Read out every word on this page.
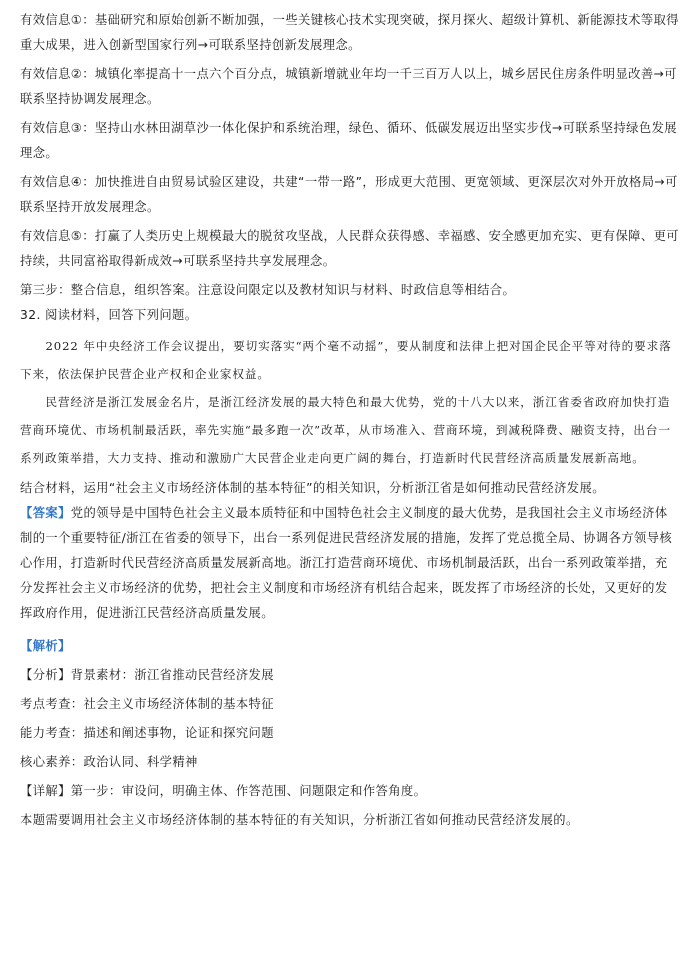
有效信息①：基础研究和原始创新不断加强，一些关键核心技术实现突破，探月探火、超级计算机、新能源技术等取得重大成果，进入创新型国家行列→可联系坚持创新发展理念。

有效信息②：城镇化率提高十一点六个百分点，城镇新增就业年均一千三百万人以上，城乡居民住房条件明显改善→可联系坚持协调发展理念。

有效信息③：坚持山水林田湖草沙一体化保护和系统治理，绿色、循环、低碳发展迈出坚实步伐→可联系坚持绿色发展理念。

有效信息④：加快推进自由贸易试验区建设，共建“一带一路”，形成更大范围、更宽领域、更深层次对外开放格局→可联系坚持开放发展理念。

有效信息⑤：打赢了人类历史上规模最大的脱贫攻坚战，人民群众获得感、幸福感、安全感更加充实、更有保障、更可持续，共同富裕取得新成效→可联系坚持共享发展理念。

第三步：整合信息，组织答案。注意设问限定以及教材知识与材料、时政信息等相结合。

32. 阅读材料，回答下列问题。

2022 年中央经济工作会议提出，要切实落实“两个毫不动摇”，要从制度和法律上把对国企民企平等对待的要求落下来，依法保护民营企业产权和企业家权益。

民营经济是浙江发展金名片，是浙江经济发展的最大特色和最大优势，党的十八大以来，浙江省委省政府加快打造营商环境优、市场机制最活跃，率先实施“最多跑一次”改革，从市场准入、营商环境，到减税降费、融资支持，出台一系列政策举措，大力支持、推动和激励广大民营企业走向更广阔的舞台，打造新时代民营经济高质量发展新高地。

结合材料，运用“社会主义市场经济体制的基本特征”的相关知识，分析浙江省是如何推动民营经济发展。

【答案】党的领导是中国特色社会主义最本质特征和中国特色社会主义制度的最大优势，是我国社会主义市场经济体制的一个重要特征/浙江在省委的领导下，出台一系列促进民营经济发展的措施，发挥了党总揽全局、协调各方领导核心作用，打造新时代民营经济高质量发展新高地。浙江打造营商环境优、市场机制最活跃，出台一系列政策举措，充分发挥社会主义市场经济的优势，把社会主义制度和市场经济有机结合起来，既发挥了市场经济的长处，又更好的发挥政府作用，促进浙江民营经济高质量发展。

【解析】

【分析】背景素材：浙江省推动民营经济发展

考点考查：社会主义市场经济体制的基本特征

能力考查：描述和阐述事物，论证和探究问题

核心素养：政治认同、科学精神

【详解】第一步：审设问，明确主体、作答范围、问题限定和作答角度。

本题需要调用社会主义市场经济体制的基本特征的有关知识，分析浙江省如何推动民营经济发展的。
